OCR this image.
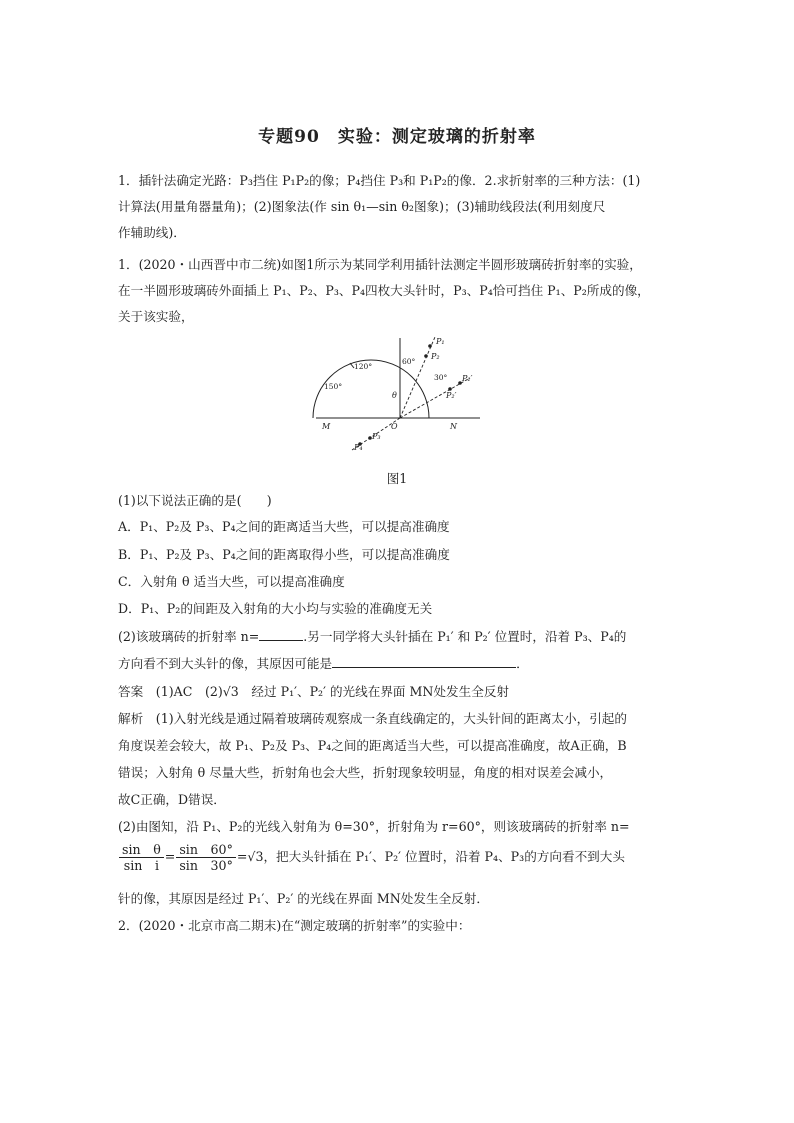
专题90　实验：测定玻璃的折射率
1．插针法确定光路：P₃挡住 P₁P₂的像；P₄挡住 P₃和 P₁P₂的像．2.求折射率的三种方法：(1)
计算法(用量角器量角)；(2)图象法(作 sin θ₁—sin θ₂图象)；(3)辅助线段法(利用刻度尺
作辅助线)．
1．(2020・山西晋中市二统)如图1所示为某同学利用插针法测定半圆形玻璃砖折射率的实验，
在一半圆形玻璃砖外面插上 P₁、P₂、P₃、P₄四枚大头针时，P₃、P₄恰可挡住 P₁、P₂所成的像，
关于该实验，
P₁
P₂
P₃
P₄
P₁′
P₂′
θ
M	O	N
60°
30°
120°
150°
图1
(1)以下说法正确的是(　　)
A．P₁、P₂及 P₃、P₄之间的距离适当大些，可以提高准确度
B．P₁、P₂及 P₃、P₄之间的距离取得小些，可以提高准确度
C．入射角 θ 适当大些，可以提高准确度
D．P₁、P₂的间距及入射角的大小均与实验的准确度无关
(2)该玻璃砖的折射率 n=	.另一同学将大头针插在 P₁′ 和 P₂′ 位置时，沿着 P₃、P₄的
方向看不到大头针的像，其原因可能是	．
答案　(1)AC　(2)√3　经过 P₁′、P₂′ 的光线在界面 MN处发生全反射
解析　(1)入射光线是通过隔着玻璃砖观察成一条直线确定的，大头针间的距离太小，引起的
角度误差会较大，故 P₁、P₂及 P₃、P₄之间的距离适当大些，可以提高准确度，故A正确，B
错误；入射角 θ 尽量大些，折射角也会大些，折射现象较明显，角度的相对误差会减小，
故C正确，D错误．
(2)由图知，沿 P₁、P₂的光线入射角为 θ=30°，折射角为 r=60°，则该玻璃砖的折射率 n=
$\frac{\text{sin　θ}}{\text{sin　i}} = \frac{\sin 60^\circ}{\sin 30^\circ} =√3$，把大头针插在 P₁′、P₂′ 位置时，沿着 P₄、P₃的方向看不到大头
针的像，其原因是经过 P₁′、P₂′ 的光线在界面 MN处发生全反射．
2．(2020・北京市高二期末)在“测定玻璃的折射率”的实验中：
